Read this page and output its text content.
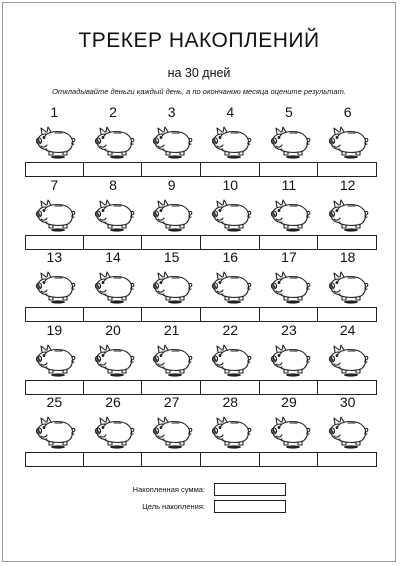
ТРЕКЕР НАКОПЛЕНИЙ
на 30 дней
Откладывайте деньги каждый день, а по окончанию месяца оцените результат.
1	2	3	4	5	6
7	8	9	10	11	12
13	14	15	16	17	18
19	20	21	22	23	24
25	26	27	28	29	30
Накопленная сумма:
Цель накопления:
